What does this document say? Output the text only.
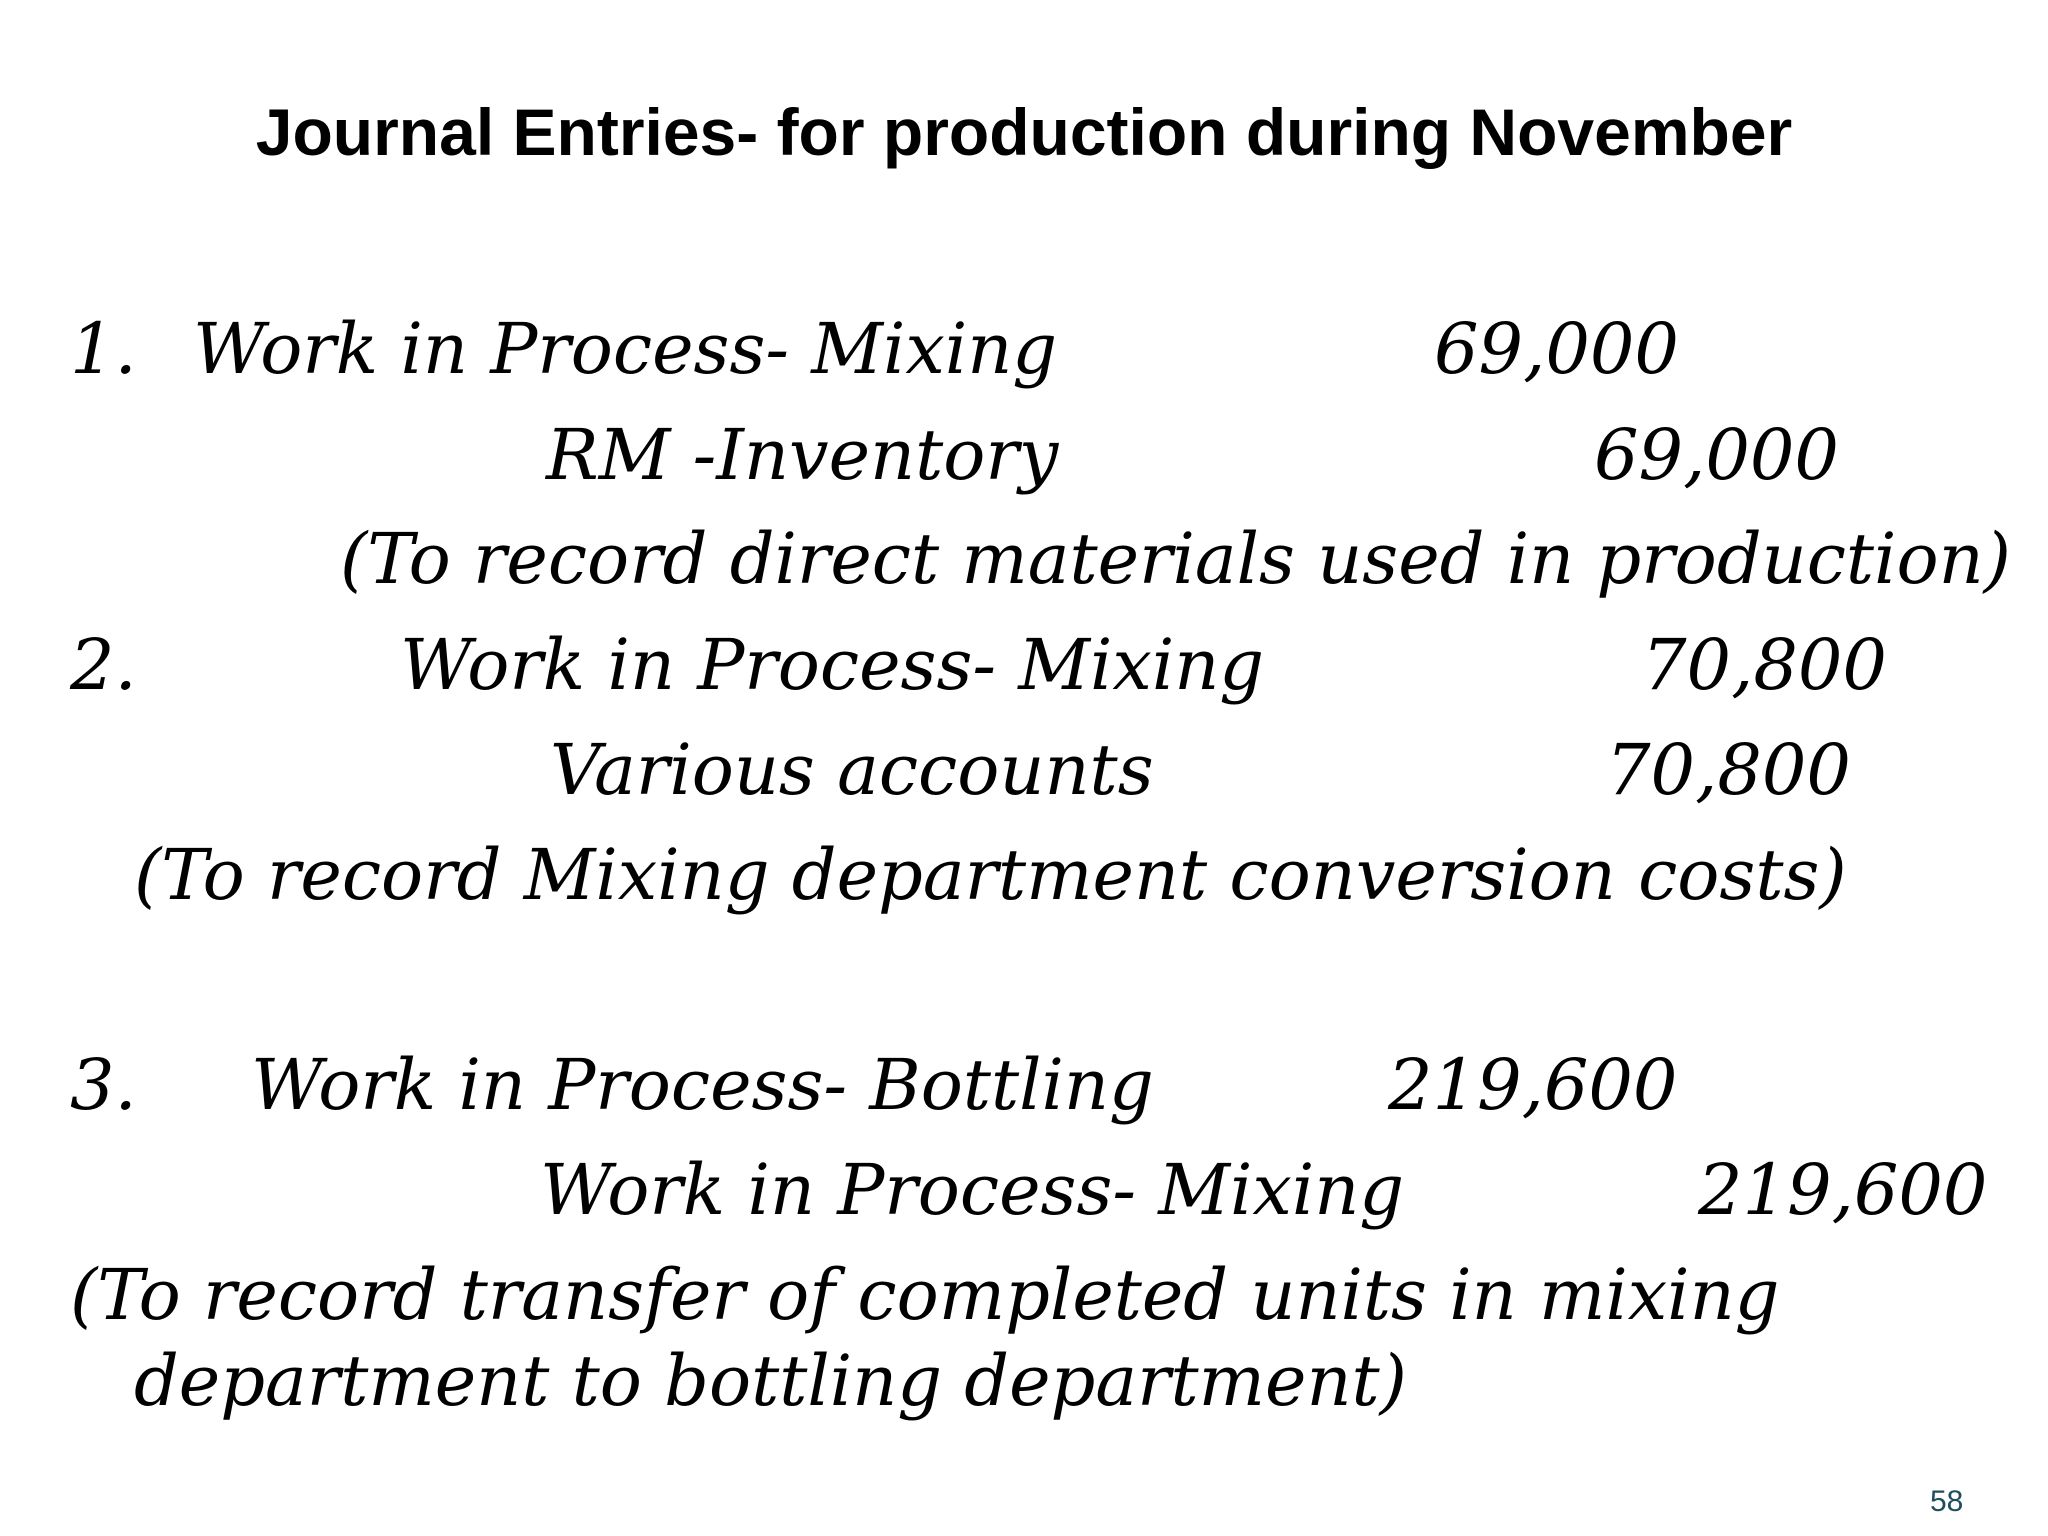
Journal Entries- for production during November
1. Work in Process- Mixing	69,000
RM -Inventory	69,000
(To record direct materials used in production)
2.	Work in Process- Mixing	70,800
Various accounts	70,800
(To record Mixing department conversion costs)
3. Work in Process- Bottling	219,600
Work in Process- Mixing	219,600
(To record transfer of completed units in mixing
department to bottling department)
58
